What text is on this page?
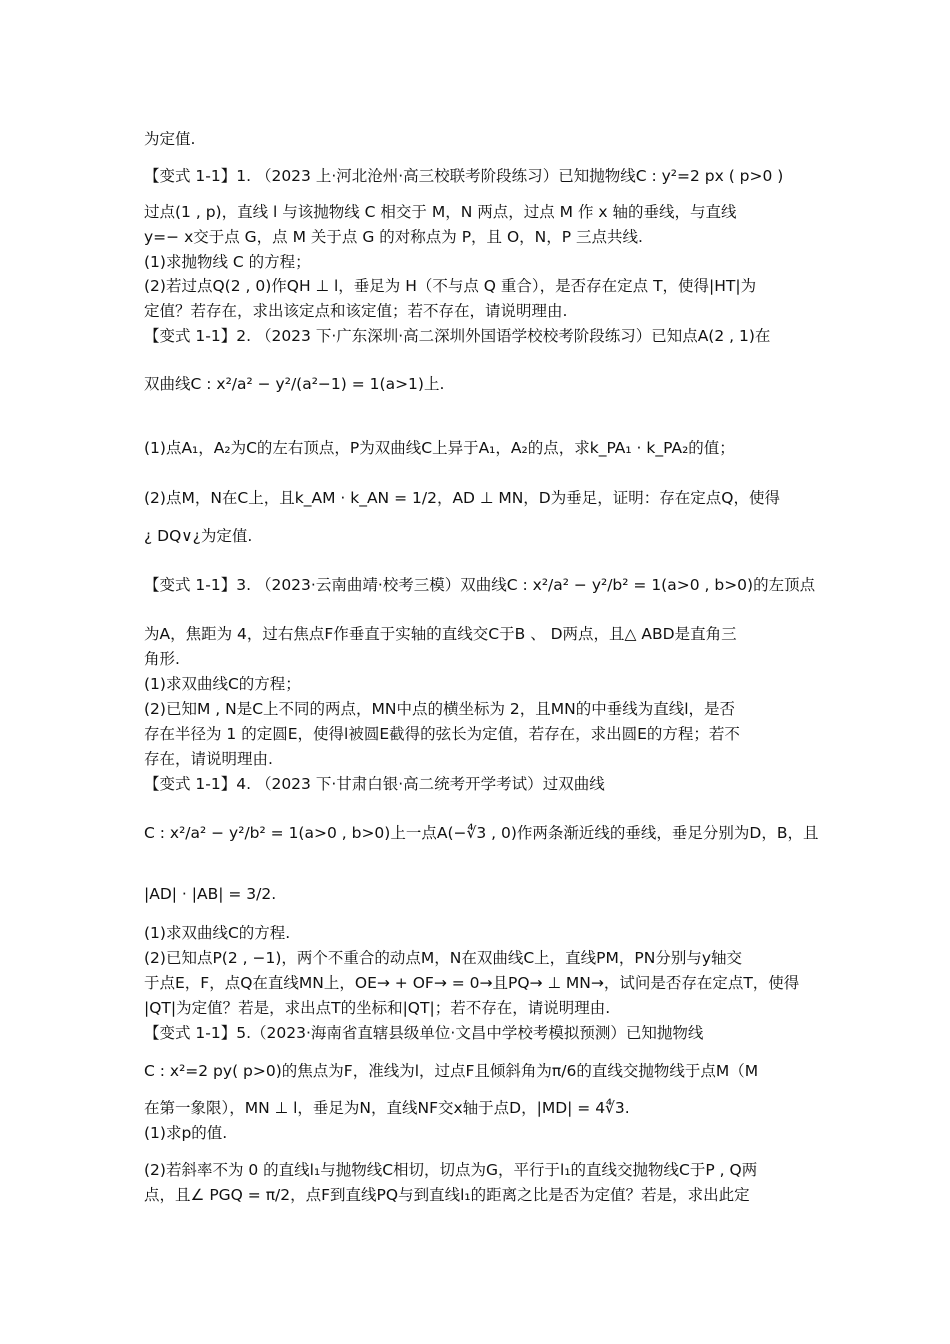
为定值.
【变式 1-1】1. （2023 上·河北沧州·高三校联考阶段练习）已知抛物线C : y²=2 px ( p>0 )
过点(1 , p)，直线 l 与该抛物线 C 相交于 M，N 两点，过点 M 作 x 轴的垂线，与直线
y=− x交于点 G，点 M 关于点 G 的对称点为 P，且 O，N，P 三点共线.
(1)求抛物线 C 的方程；
(2)若过点Q(2 , 0)作QH ⊥ l，垂足为 H（不与点 Q 重合），是否存在定点 T，使得|HT|为
定值？若存在，求出该定点和该定值；若不存在，请说明理由.
【变式 1-1】2. （2023 下·广东深圳·高二深圳外国语学校校考阶段练习）已知点A(2 , 1)在
双曲线C : x²/a² − y²/(a²−1) = 1(a>1)上.
(1)点A₁，A₂为C的左右顶点，P为双曲线C上异于A₁，A₂的点，求k_PA₁ · k_PA₂的值；
(2)点M，N在C上，且k_AM · k_AN = 1/2，AD ⊥ MN，D为垂足，证明：存在定点Q，使得
¿ DQ∨¿为定值.
【变式 1-1】3. （2023·云南曲靖·校考三模）双曲线C : x²/a² − y²/b² = 1(a>0 , b>0)的左顶点
为A，焦距为 4，过右焦点F作垂直于实轴的直线交C于B 、 D两点，且△ ABD是直角三
角形.
(1)求双曲线C的方程；
(2)已知M , N是C上不同的两点，MN中点的横坐标为 2，且MN的中垂线为直线l，是否
存在半径为 1 的定圆E，使得l被圆E截得的弦长为定值，若存在，求出圆E的方程；若不
存在，请说明理由.
【变式 1-1】4. （2023 下·甘肃白银·高二统考开学考试）过双曲线
C : x²/a² − y²/b² = 1(a>0 , b>0)上一点A(−∜3 , 0)作两条渐近线的垂线，垂足分别为D，B，且
|AD| · |AB| = 3/2.
(1)求双曲线C的方程.
(2)已知点P(2 , −1)，两个不重合的动点M，N在双曲线C上，直线PM，PN分别与y轴交
于点E，F，点Q在直线MN上，OE→ + OF→ = 0→且PQ→ ⊥ MN→，试问是否存在定点T，使得
|QT|为定值？若是，求出点T的坐标和|QT|；若不存在，请说明理由.
【变式 1-1】5.（2023·海南省直辖县级单位·文昌中学校考模拟预测）已知抛物线
C : x²=2 py( p>0)的焦点为F，准线为l，过点F且倾斜角为π/6的直线交抛物线于点M（M
在第一象限），MN ⊥ l，垂足为N，直线NF交x轴于点D，|MD| = 4∜3.
(1)求p的值.
(2)若斜率不为 0 的直线l₁与抛物线C相切，切点为G，平行于l₁的直线交抛物线C于P , Q两
点，且∠ PGQ = π/2，点F到直线PQ与到直线l₁的距离之比是否为定值？若是，求出此定
